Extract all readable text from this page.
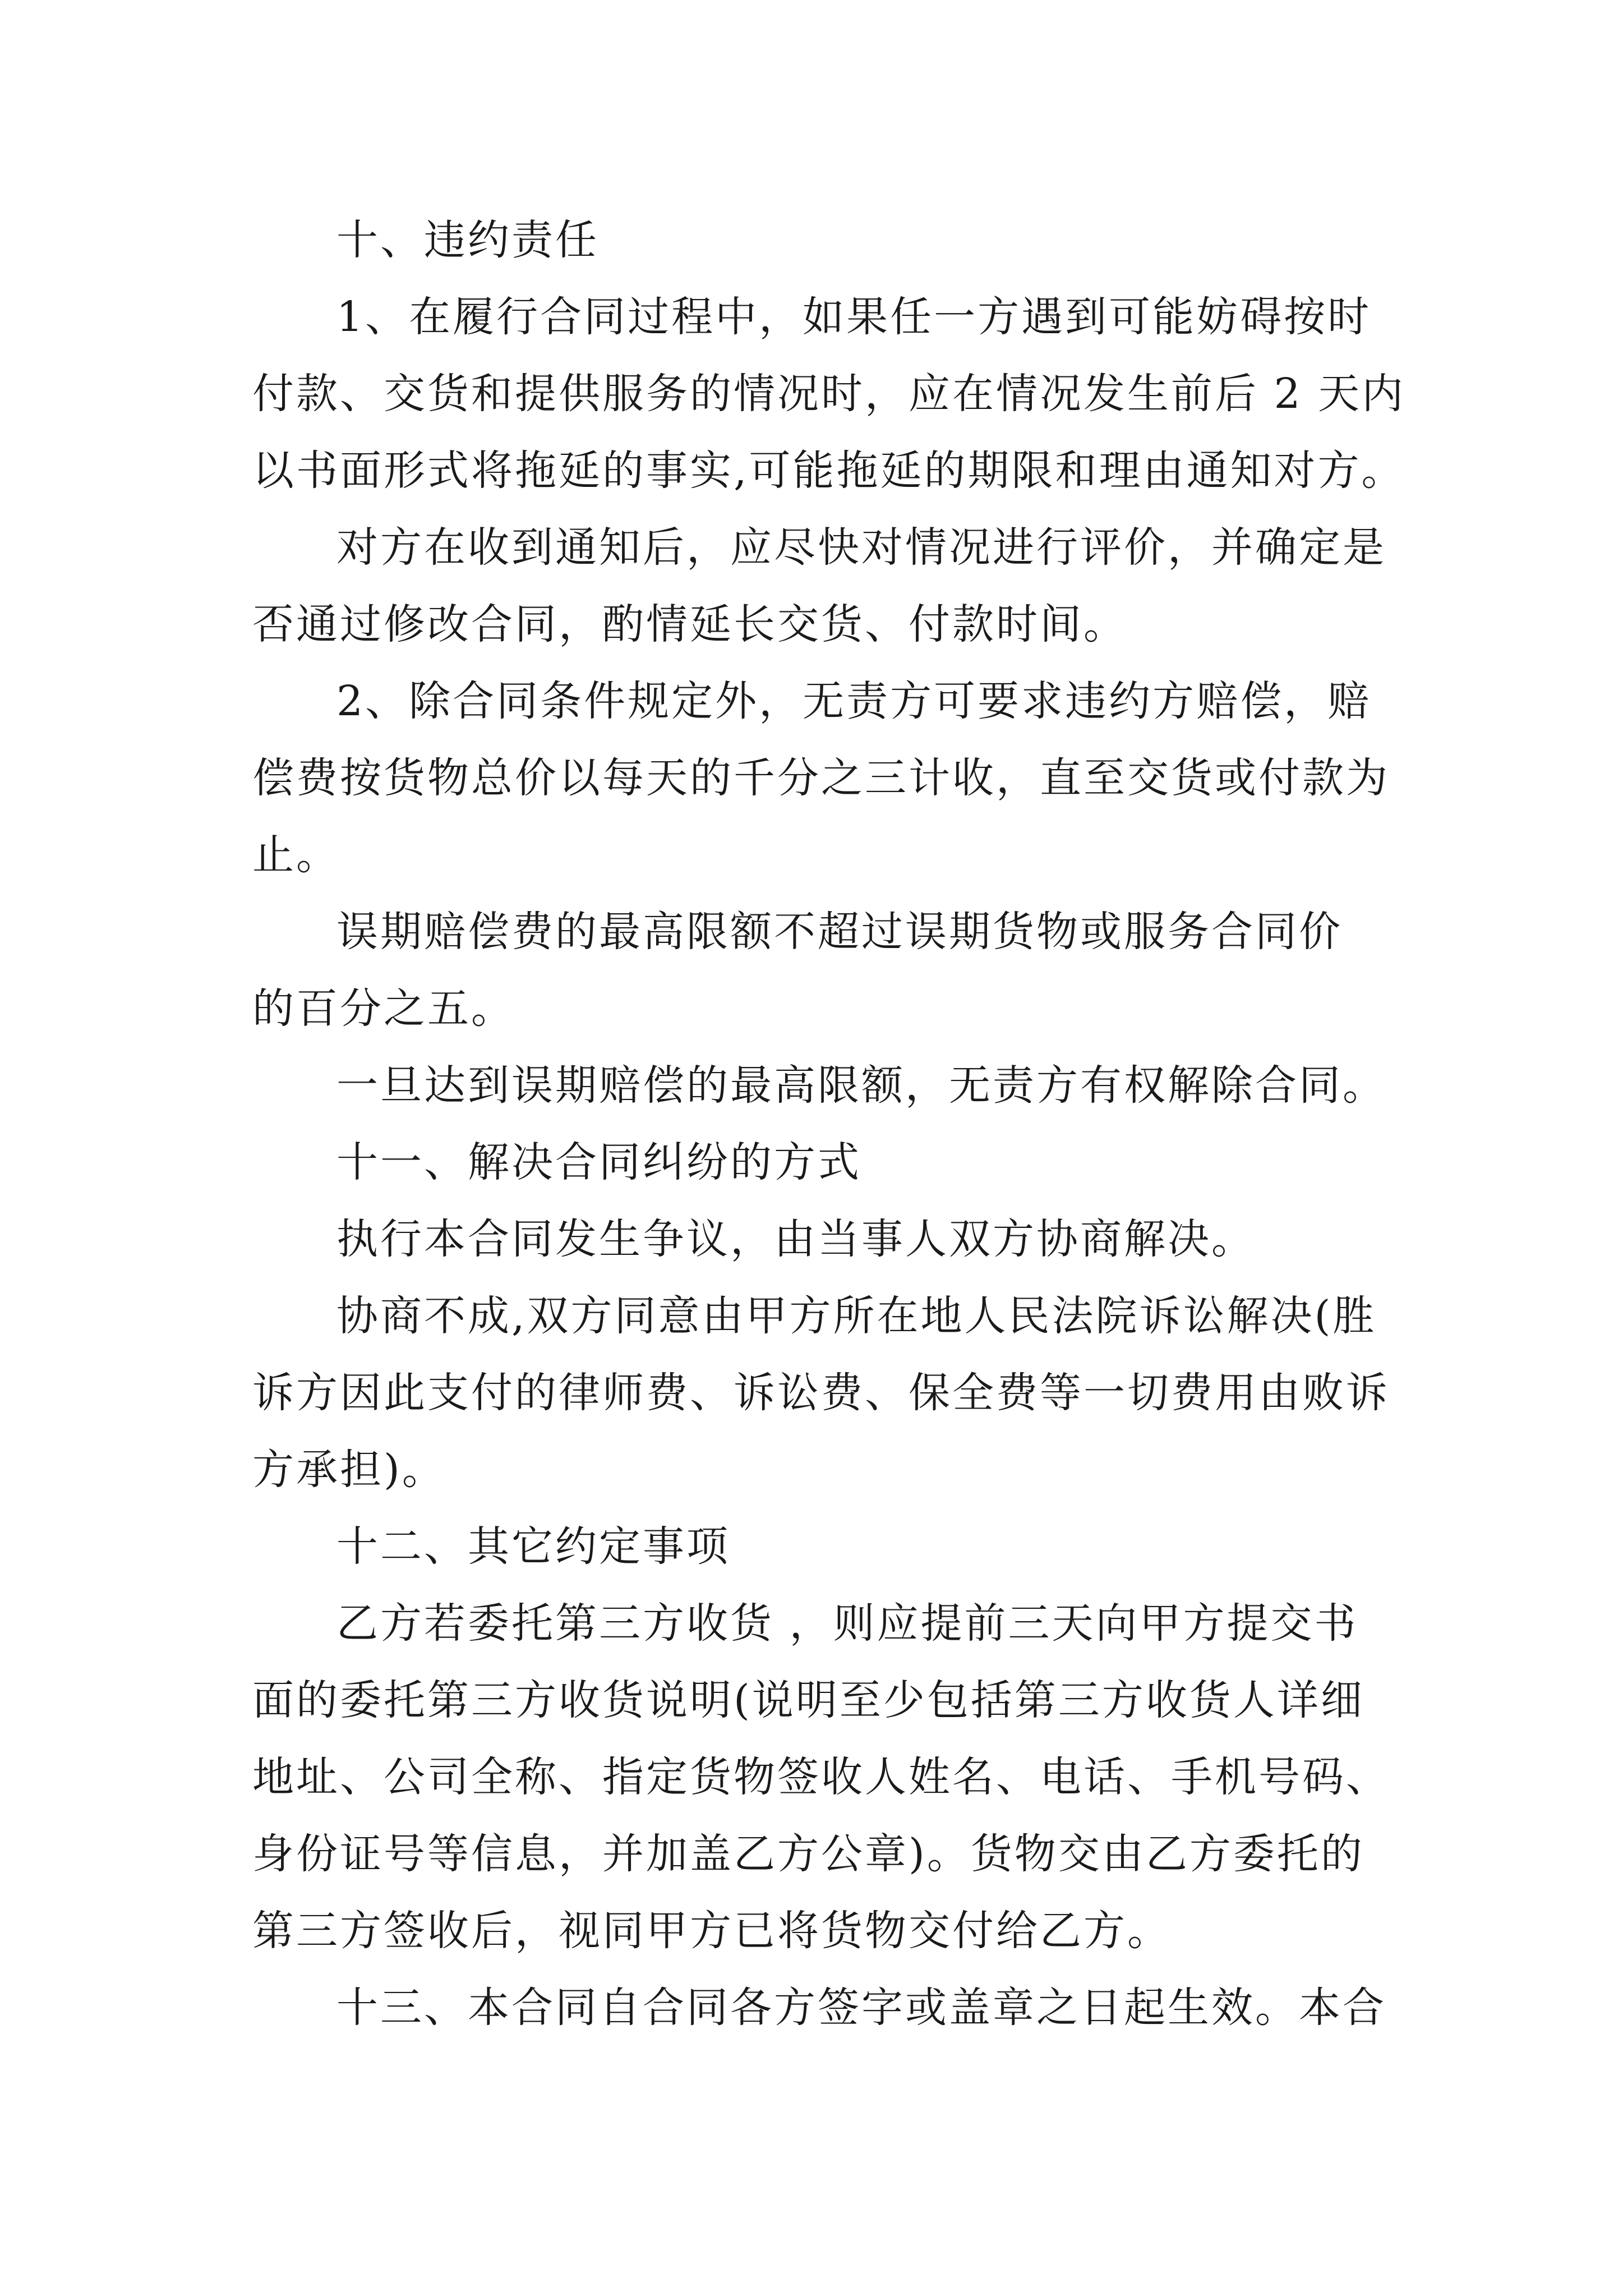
十、违约责任
1、在履行合同过程中，如果任一方遇到可能妨碍按时
付款、交货和提供服务的情况时，应在情况发生前后 2 天内
以书面形式将拖延的事实,可能拖延的期限和理由通知对方。
对方在收到通知后，应尽快对情况进行评价，并确定是
否通过修改合同，酌情延长交货、付款时间。
2、除合同条件规定外，无责方可要求违约方赔偿，赔
偿费按货物总价以每天的千分之三计收，直至交货或付款为
止。
误期赔偿费的最高限额不超过误期货物或服务合同价
的百分之五。
一旦达到误期赔偿的最高限额，无责方有权解除合同。
十一、解决合同纠纷的方式
执行本合同发生争议，由当事人双方协商解决。
协商不成,双方同意由甲方所在地人民法院诉讼解决(胜
诉方因此支付的律师费、诉讼费、保全费等一切费用由败诉
方承担)。
十二、其它约定事项
乙方若委托第三方收货 ，则应提前三天向甲方提交书
面的委托第三方收货说明(说明至少包括第三方收货人详细
地址、公司全称、指定货物签收人姓名、电话、手机号码、
身份证号等信息，并加盖乙方公章)。货物交由乙方委托的
第三方签收后，视同甲方已将货物交付给乙方。
十三、本合同自合同各方签字或盖章之日起生效。本合
